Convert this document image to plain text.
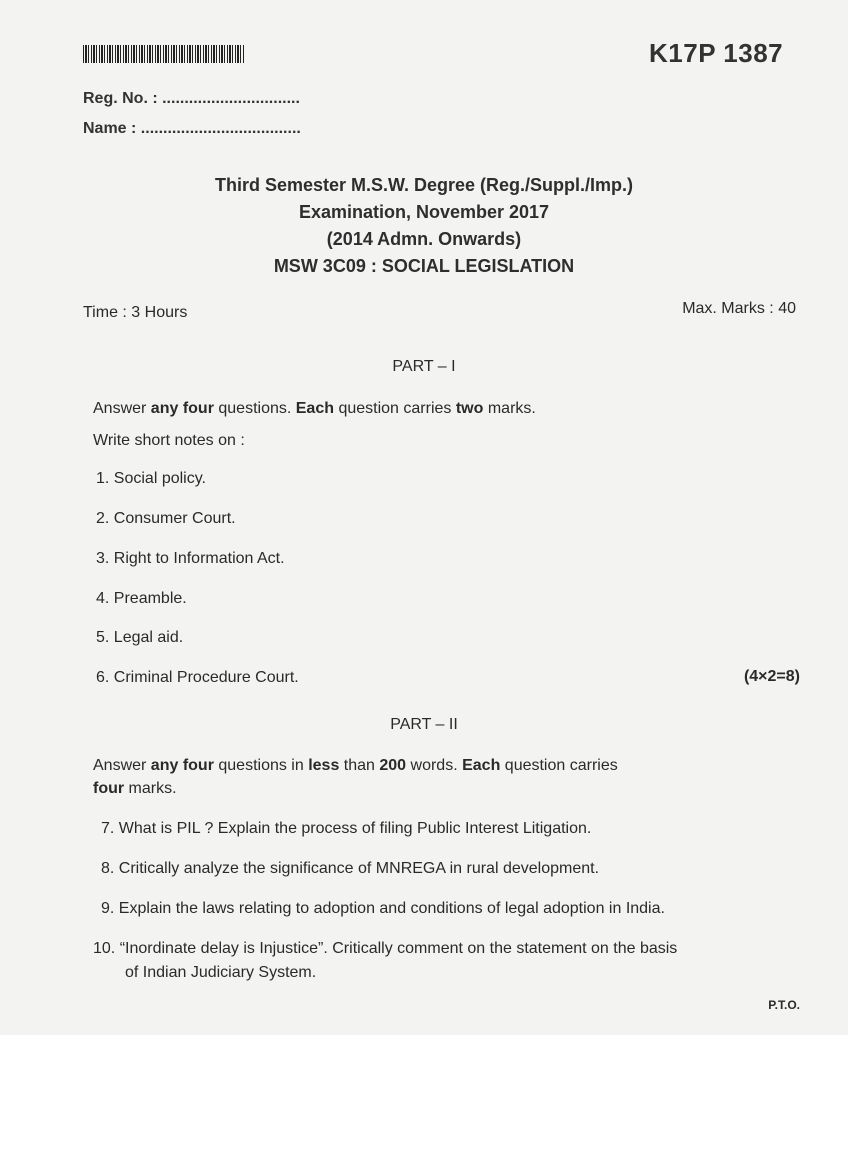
K17P 1387
Reg. No. : ...............................
Name : ....................................
Third Semester M.S.W. Degree (Reg./Suppl./Imp.)
Examination, November 2017
(2014 Admn. Onwards)
MSW 3C09 : SOCIAL LEGISLATION
Time : 3 Hours	Max. Marks : 40
PART – I
Answer any four questions. Each question carries two marks.
Write short notes on :
1. Social policy.
2. Consumer Court.
3. Right to Information Act.
4. Preamble.
5. Legal aid.
6. Criminal Procedure Court.	(4×2=8)
PART – II
Answer any four questions in less than 200 words. Each question carries
four marks.
7. What is PIL ? Explain the process of filing Public Interest Litigation.
8. Critically analyze the significance of MNREGA in rural development.
9. Explain the laws relating to adoption and conditions of legal adoption in India.
10. “Inordinate delay is Injustice”. Critically comment on the statement on the basis
of Indian Judiciary System.
P.T.O.
